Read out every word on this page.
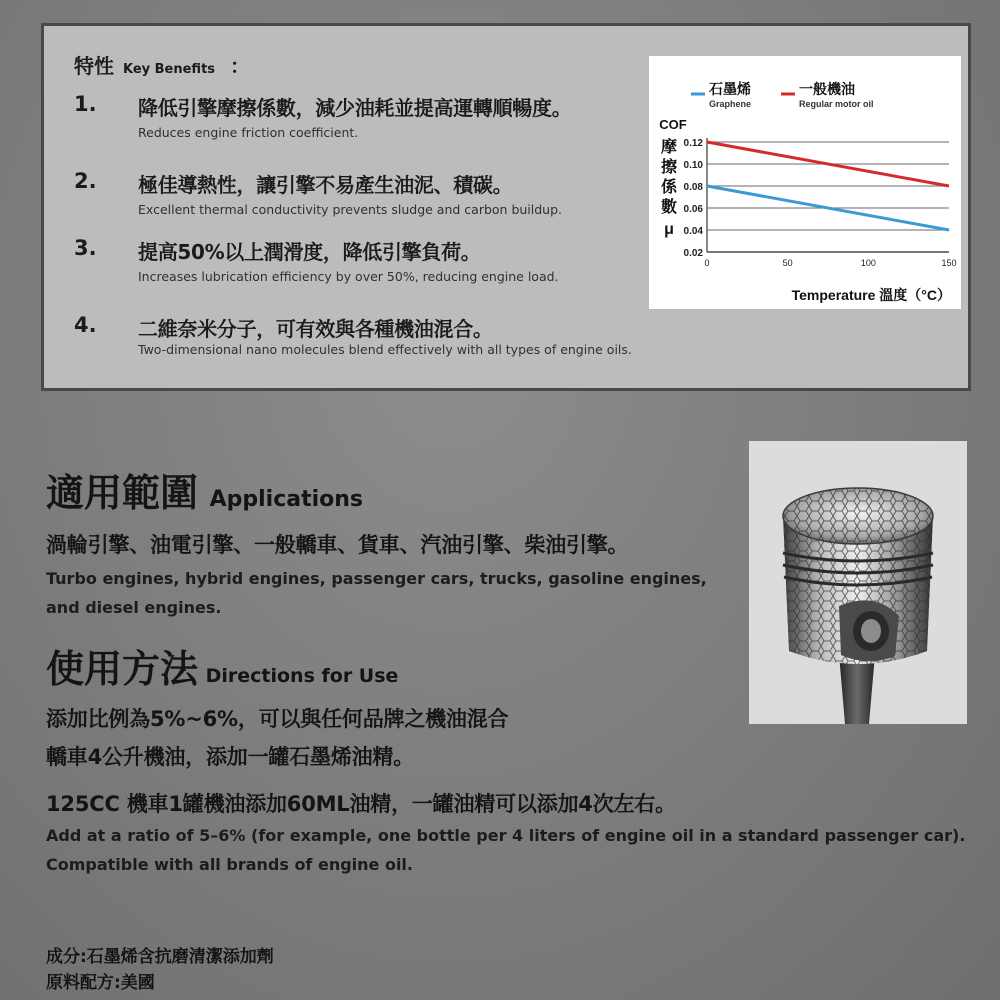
特性 Key Benefits ：
1. 降低引擎摩擦係數，減少油耗並提高運轉順暢度。
Reduces engine friction coefficient.
2. 極佳導熱性，讓引擎不易產生油泥、積碳。
Excellent thermal conductivity prevents sludge and carbon buildup.
3. 提高50%以上潤滑度，降低引擎負荷。
Increases lubrication efficiency by over 50%, reducing engine load.
4. 二維奈米分子，可有效與各種機油混合。
Two-dimensional nano molecules blend effectively with all types of engine oils.
0.02
0.04
0.06
0.08
0.10
0.12
0	50	100	150
石墨烯
Graphene
一般機油
Regular motor oil
COF
摩
擦
係
數
μ
Temperature 溫度（°C）
適用範圍 Applications
渦輪引擎、油電引擎、一般轎車、貨車、汽油引擎、柴油引擎。
Turbo engines, hybrid engines, passenger cars, trucks, gasoline engines,
and diesel engines.
使用方法 Directions for Use
添加比例為5%~6%，可以與任何品牌之機油混合
轎車4公升機油，添加一罐石墨烯油精。
125CC 機車1罐機油添加60ML油精，一罐油精可以添加4次左右。
Add at a ratio of 5–6% (for example, one bottle per 4 liters of engine oil in a standard passenger car).
Compatible with all brands of engine oil.
成分:石墨烯含抗磨清潔添加劑
原料配方:美國
